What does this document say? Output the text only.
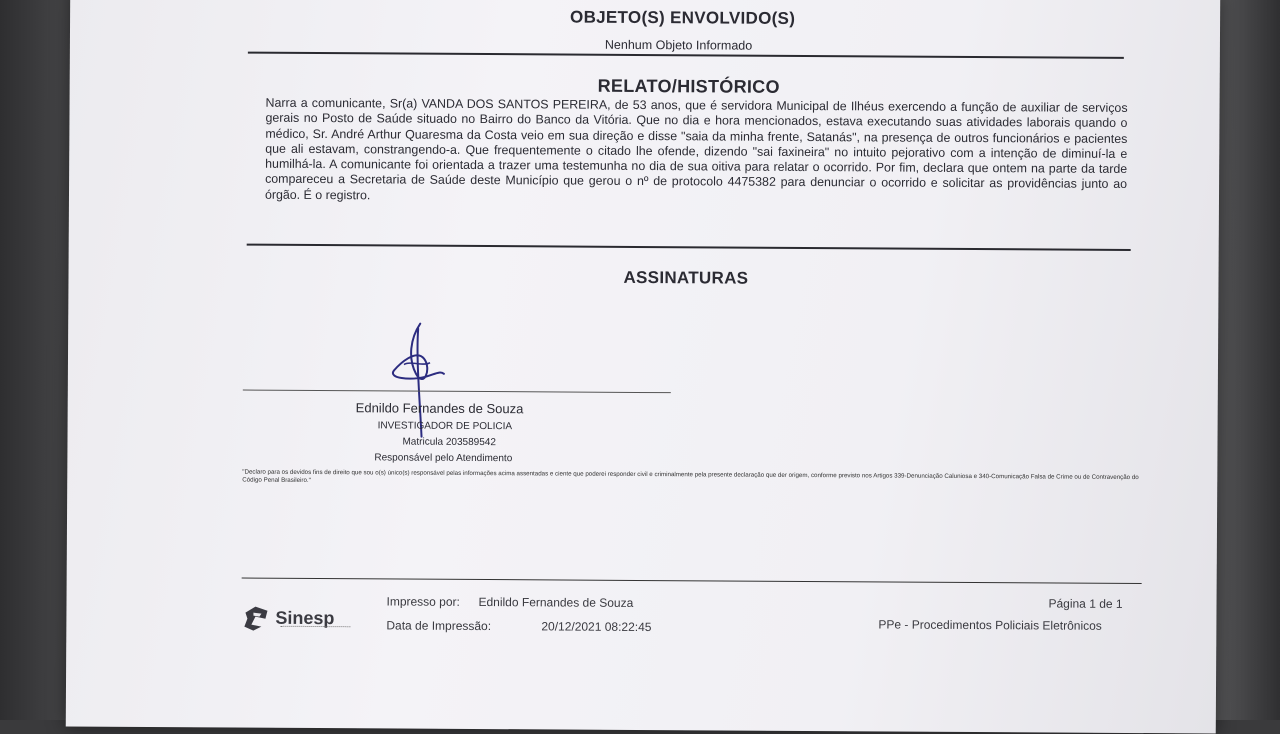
OBJETO(S) ENVOLVIDO(S)
Nenhum Objeto Informado
RELATO/HISTÓRICO
Narra a comunicante, Sr(a) VANDA DOS SANTOS PEREIRA, de 53 anos, que é servidora Municipal de Ilhéus exercendo a função de auxiliar de serviços gerais no Posto de Saúde situado no Bairro do Banco da Vitória. Que no dia e hora mencionados, estava executando suas atividades laborais quando o médico, Sr. André Arthur Quaresma da Costa veio em sua direção e disse "saia da minha frente, Satanás", na presença de outros funcionários e pacientes que ali estavam, constrangendo-a. Que frequentemente o citado lhe ofende, dizendo "sai faxineira" no intuito pejorativo com a intenção de diminuí-la e humilhá-la. A comunicante foi orientada a trazer uma testemunha no dia de sua oitiva para relatar o ocorrido. Por fim, declara que ontem na parte da tarde compareceu a Secretaria de Saúde deste Município que gerou o nº de protocolo 4475382 para denunciar o ocorrido e solicitar as providências junto ao órgão. É o registro.
ASSINATURAS
Ednildo Fernandes de Souza
INVESTIGADOR DE POLICIA
Matricula 203589542
Responsável pelo Atendimento
"Declaro para os devidos fins de direito que sou o(s) único(s) responsável pelas informações acima assentadas e ciente que poderei responder civil e criminalmente pela presente declaração que der origem, conforme previsto nos Artigos 339-Denunciação Caluniosa e 340-Comunicação Falsa de Crime ou de Contravenção do Código Penal Brasileiro."
Sinesp
Impresso por: Ednildo Fernandes de Souza
Data de Impressão:	20/12/2021 08:22:45
Página 1 de 1
PPe - Procedimentos Policiais Eletrônicos
